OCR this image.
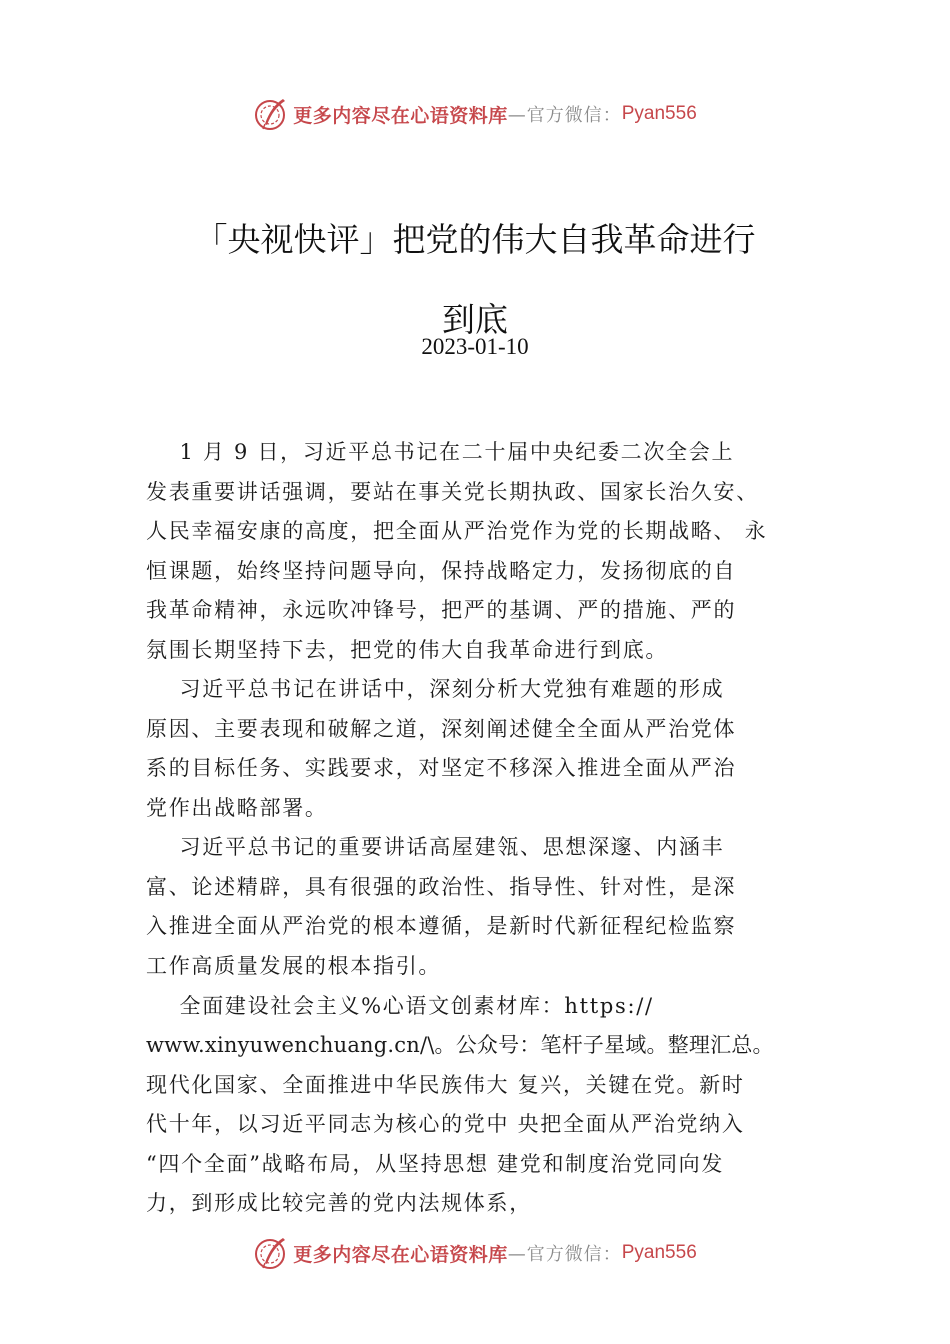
更多内容尽在心语资料库 —官方微信： Pyan556
「央视快评」把党的伟大自我革命进行
到底
2023-01-10
1 月 9 日，习近平总书记在二十届中央纪委二次全会上
发表重要讲话强调，要站在事关党长期执政、国家长治久安、
人民幸福安康的高度，把全面从严治党作为党的长期战略、 永
恒课题，始终坚持问题导向，保持战略定力，发扬彻底的自
我革命精神，永远吹冲锋号，把严的基调、严的措施、严的
氛围长期坚持下去，把党的伟大自我革命进行到底。
习近平总书记在讲话中，深刻分析大党独有难题的形成
原因、主要表现和破解之道，深刻阐述健全全面从严治党体
系的目标任务、实践要求，对坚定不移深入推进全面从严治
党作出战略部署。
习近平总书记的重要讲话高屋建瓴、思想深邃、内涵丰
富、论述精辟，具有很强的政治性、指导性、针对性，是深
入推进全面从严治党的根本遵循，是新时代新征程纪检监察
工作高质量发展的根本指引。
全面建设社会主义%心语文创素材库：https://
www.xinyuwenchuang.cn/\。公众号：笔杆子星域。整理汇总。
现代化国家、全面推进中华民族伟大 复兴，关键在党。新时
代十年，以习近平同志为核心的党中 央把全面从严治党纳入
“四个全面”战略布局，从坚持思想 建党和制度治党同向发
力，到形成比较完善的党内法规体系，
更多内容尽在心语资料库 —官方微信： Pyan556
